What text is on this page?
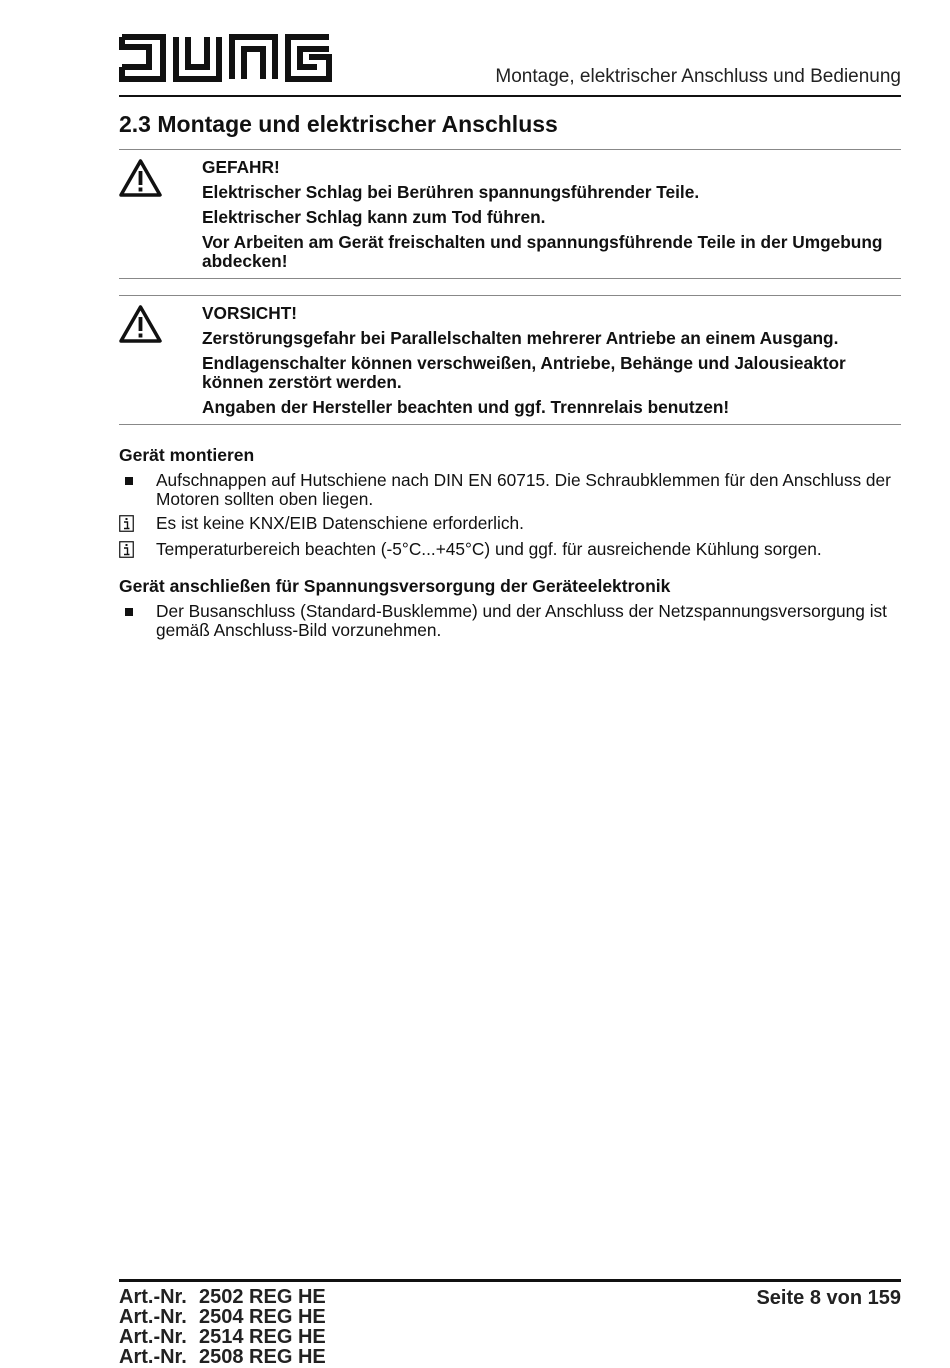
Montage, elektrischer Anschluss und Bedienung
2.3 Montage und elektrischer Anschluss
GEFAHR!
Elektrischer Schlag bei Berühren spannungsführender Teile.
Elektrischer Schlag kann zum Tod führen.
Vor Arbeiten am Gerät freischalten und spannungsführende Teile in der Umgebung abdecken!
VORSICHT!
Zerstörungsgefahr bei Parallelschalten mehrerer Antriebe an einem Ausgang.
Endlagenschalter können verschweißen, Antriebe, Behänge und Jalousieaktor können zerstört werden.
Angaben der Hersteller beachten und ggf. Trennrelais benutzen!
Gerät montieren
Aufschnappen auf Hutschiene nach DIN EN 60715. Die Schraubklemmen für den Anschluss der Motoren sollten oben liegen.
Es ist keine KNX/EIB Datenschiene erforderlich.
Temperaturbereich beachten (-5°C...+45°C) und ggf. für ausreichende Kühlung sorgen.
Gerät anschließen für Spannungsversorgung der Geräteelektronik
Der Busanschluss (Standard-Busklemme) und der Anschluss der Netzspannungsversorgung ist gemäß Anschluss-Bild vorzunehmen.
Art.-Nr. 2502 REG HE
Art.-Nr. 2504 REG HE
Art.-Nr. 2514 REG HE
Art.-Nr. 2508 REG HE
Seite 8 von 159
